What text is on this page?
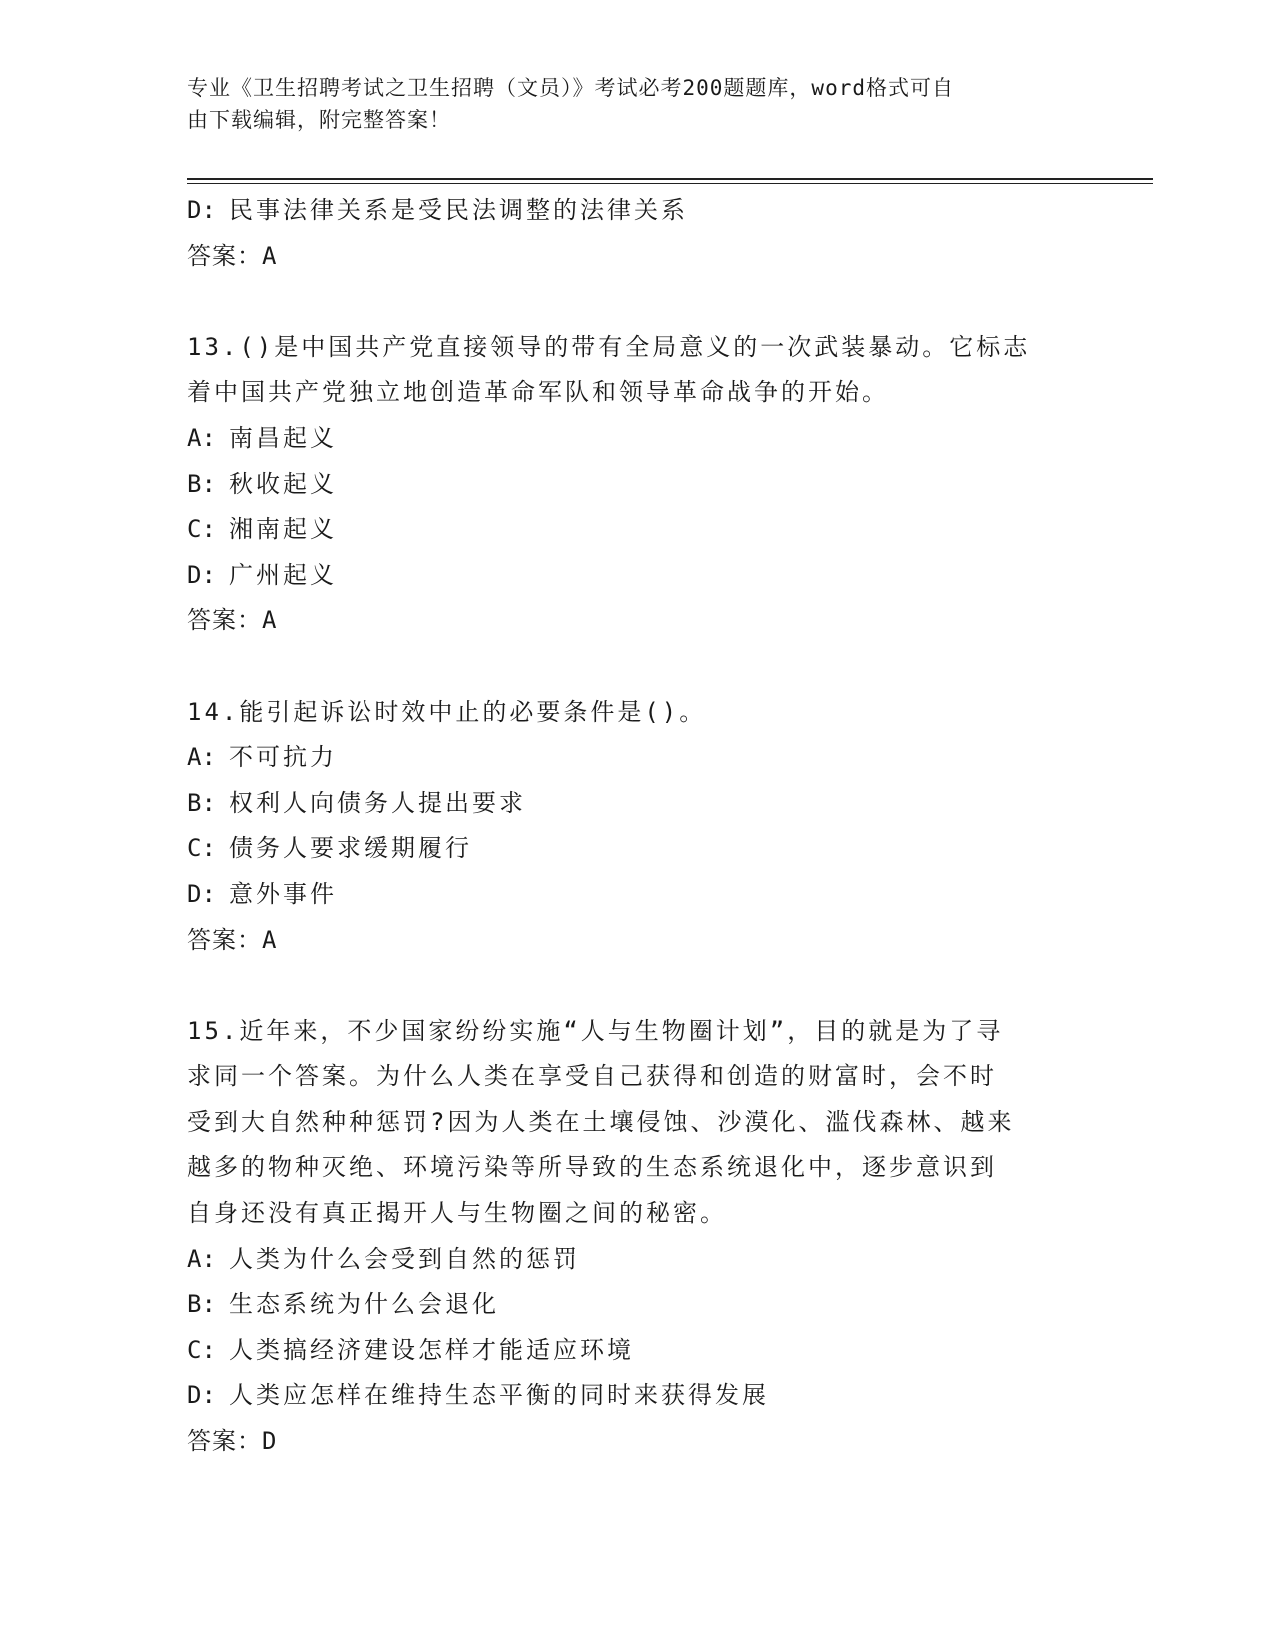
专业《卫生招聘考试之卫生招聘（文员）》考试必考200题题库，word格式可自
由下载编辑，附完整答案！
D: 民事法律关系是受民法调整的法律关系
答案：A
13.()是中国共产党直接领导的带有全局意义的一次武装暴动。它标志
着中国共产党独立地创造革命军队和领导革命战争的开始。
A: 南昌起义
B: 秋收起义
C: 湘南起义
D: 广州起义
答案：A
14.能引起诉讼时效中止的必要条件是()。
A: 不可抗力
B: 权利人向债务人提出要求
C: 债务人要求缓期履行
D: 意外事件
答案：A
15.近年来，不少国家纷纷实施“人与生物圈计划”，目的就是为了寻
求同一个答案。为什么人类在享受自己获得和创造的财富时，会不时
受到大自然种种惩罚?因为人类在土壤侵蚀、沙漠化、滥伐森林、越来
越多的物种灭绝、环境污染等所导致的生态系统退化中，逐步意识到
自身还没有真正揭开人与生物圈之间的秘密。
A: 人类为什么会受到自然的惩罚
B: 生态系统为什么会退化
C: 人类搞经济建设怎样才能适应环境
D: 人类应怎样在维持生态平衡的同时来获得发展
答案：D
